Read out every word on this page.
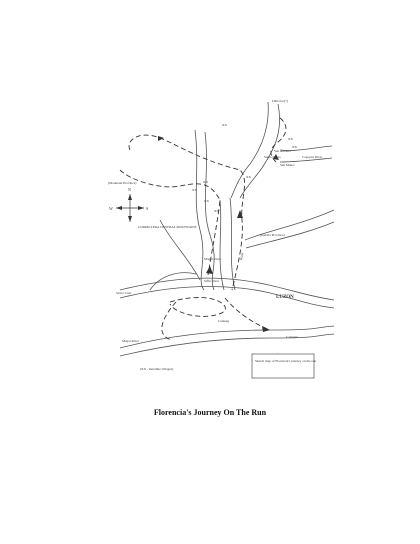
XX
XX
XX
XX
XX
XX
XX
XX
I.Riroloc(?)
Cagayan River
San Antonio
Santa Maria
San Mateo
(Mountain Province)
(Isabela Province)
CORDILLERA CENTRAL MOUNTAINS
Magat River
Siffu River
Sexto Cruz
Cabagan
Calanag
LUZON
Magat River
Rizal
N
S
W
(XX - maraline villages)
Sketch map of Florencia's journey on the run
Florencia's Journey On The Run
